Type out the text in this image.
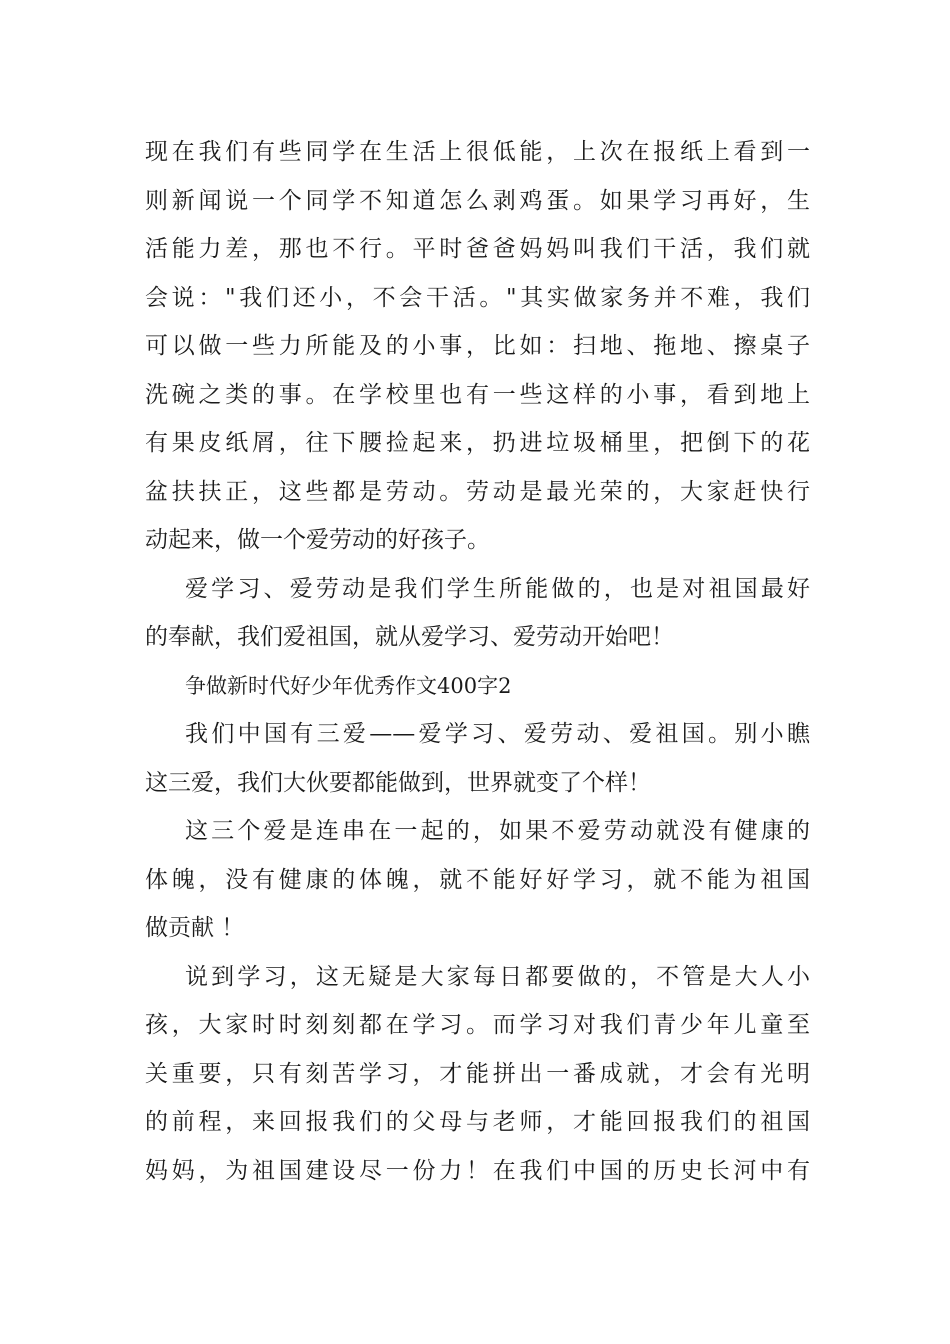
现在我们有些同学在生活上很低能，上次在报纸上看到一
则新闻说一个同学不知道怎么剥鸡蛋。如果学习再好，生
活能力差，那也不行。平时爸爸妈妈叫我们干活，我们就
会说："我们还小，不会干活。"其实做家务并不难，我们
可以做一些力所能及的小事，比如：扫地、拖地、擦桌子
洗碗之类的事。在学校里也有一些这样的小事，看到地上
有果皮纸屑，往下腰捡起来，扔进垃圾桶里，把倒下的花
盆扶扶正，这些都是劳动。劳动是最光荣的，大家赶快行
动起来，做一个爱劳动的好孩子。
爱学习、爱劳动是我们学生所能做的，也是对祖国最好
的奉献，我们爱祖国，就从爱学习、爱劳动开始吧！
争做新时代好少年优秀作文400字2
我们中国有三爱——爱学习、爱劳动、爱祖国。别小瞧
这三爱，我们大伙要都能做到，世界就变了个样！
这三个爱是连串在一起的，如果不爱劳动就没有健康的
体魄，没有健康的体魄，就不能好好学习，就不能为祖国
做贡献 ！
说到学习，这无疑是大家每日都要做的，不管是大人小
孩，大家时时刻刻都在学习。而学习对我们青少年儿童至
关重要，只有刻苦学习，才能拼出一番成就，才会有光明
的前程，来回报我们的父母与老师，才能回报我们的祖国
妈妈，为祖国建设尽一份力！在我们中国的历史长河中有
